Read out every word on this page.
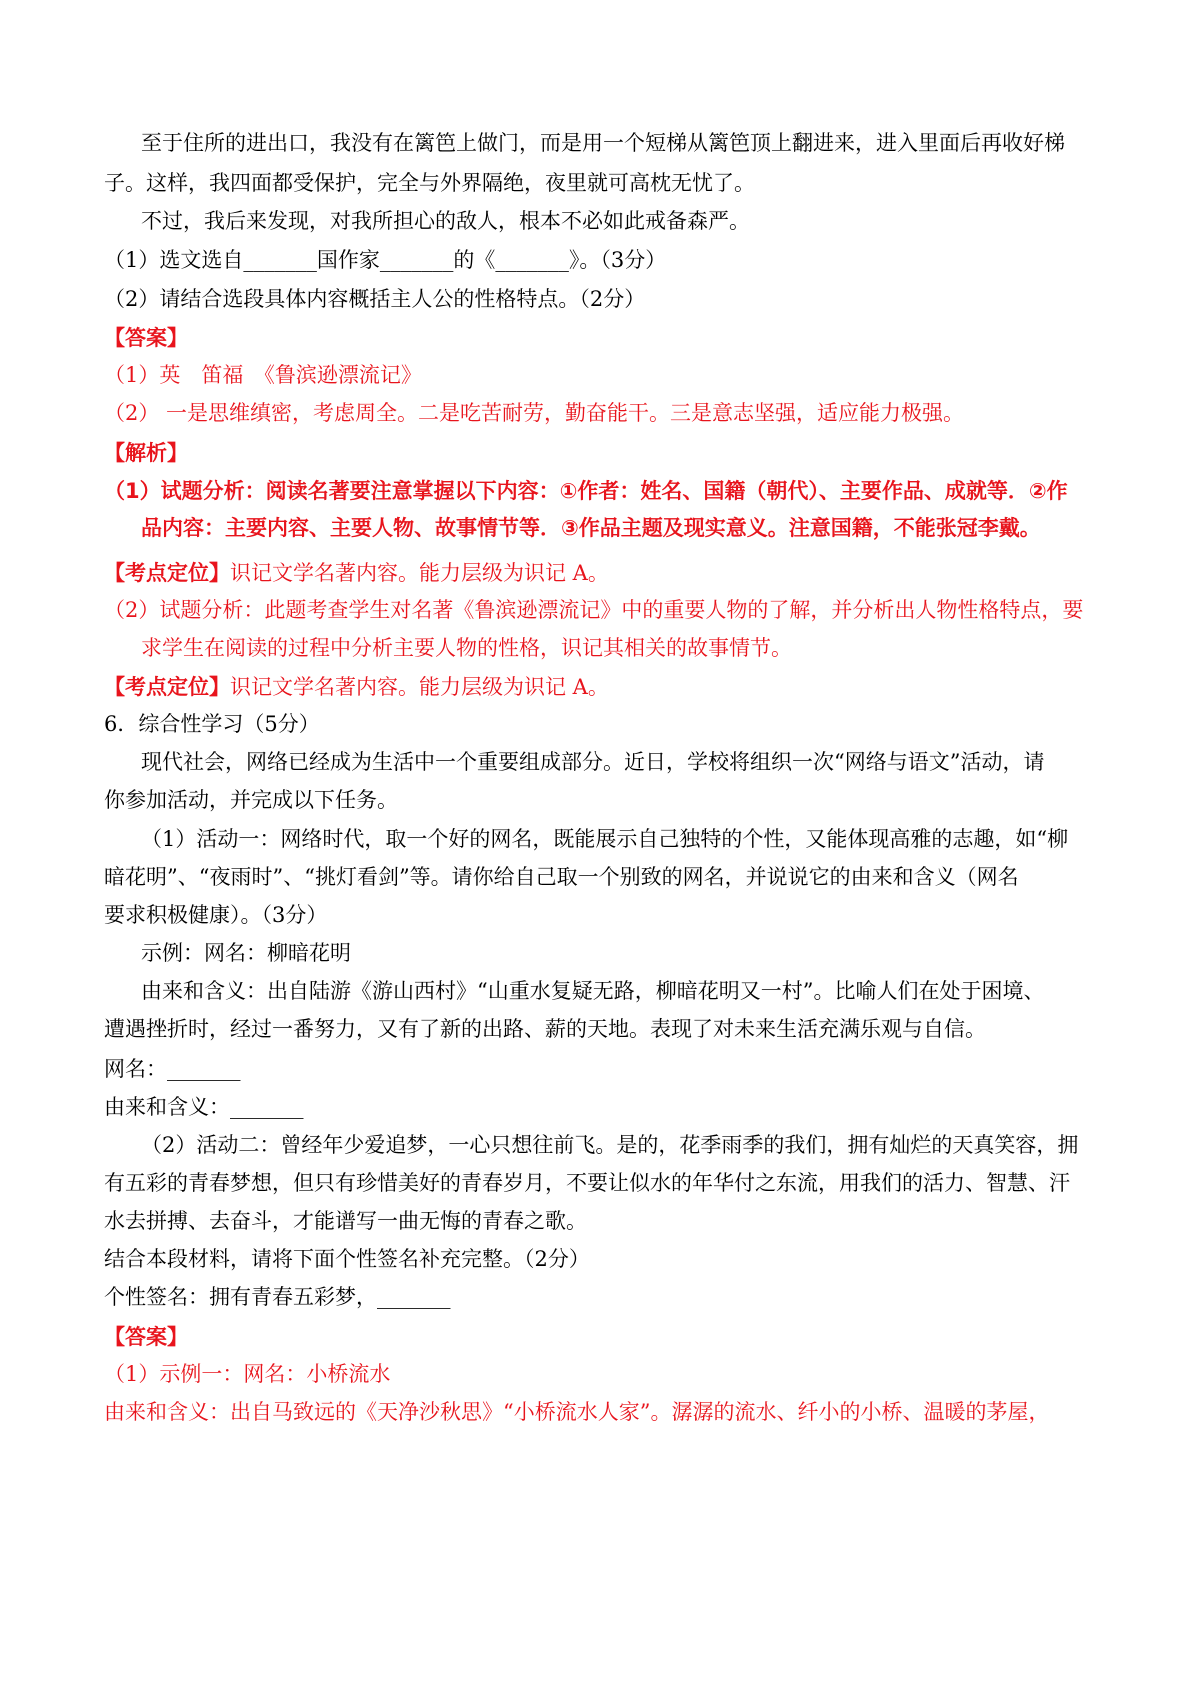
至于住所的进出口，我没有在篱笆上做门，而是用一个短梯从篱笆顶上翻进来，进入里面后再收好梯
子。这样，我四面都受保护，完全与外界隔绝，夜里就可高枕无忧了。
不过，我后来发现，对我所担心的敌人，根本不必如此戒备森严。
（1）选文选自_______国作家_______的《_______》。（3分）
（2）请结合选段具体内容概括主人公的性格特点。（2分）
【答案】
（1）英　笛福　《鲁滨逊漂流记》
（2） 一是思维缜密，考虑周全。二是吃苦耐劳，勤奋能干。三是意志坚强，适应能力极强。
【解析】
（1）试题分析：阅读名著要注意掌握以下内容：①作者：姓名、国籍（朝代）、主要作品、成就等．②作
品内容：主要内容、主要人物、故事情节等．③作品主题及现实意义。注意国籍，不能张冠李戴。
【考点定位】识记文学名著内容。能力层级为识记 A。
（2）试题分析：此题考查学生对名著《鲁滨逊漂流记》中的重要人物的了解，并分析出人物性格特点，要
求学生在阅读的过程中分析主要人物的性格，识记其相关的故事情节。
【考点定位】识记文学名著内容。能力层级为识记 A。
6．综合性学习（5分）
现代社会，网络已经成为生活中一个重要组成部分。近日，学校将组织一次“网络与语文”活动，请
你参加活动，并完成以下任务。
（1）活动一：网络时代，取一个好的网名，既能展示自己独特的个性，又能体现高雅的志趣，如“柳
暗花明”、“夜雨时”、“挑灯看剑”等。请你给自己取一个别致的网名，并说说它的由来和含义（网名
要求积极健康）。（3分）
示例：网名：柳暗花明
由来和含义：出自陆游《游山西村》“山重水复疑无路，柳暗花明又一村”。比喻人们在处于困境、
遭遇挫折时，经过一番努力，又有了新的出路、薪的天地。表现了对未来生活充满乐观与自信。
网名：_______
由来和含义：_______
（2）活动二：曾经年少爱追梦，一心只想往前飞。是的，花季雨季的我们，拥有灿烂的天真笑容，拥
有五彩的青春梦想，但只有珍惜美好的青春岁月，不要让似水的年华付之东流，用我们的活力、智慧、汗
水去拼搏、去奋斗，才能谱写一曲无悔的青春之歌。
结合本段材料，请将下面个性签名补充完整。（2分）
个性签名：拥有青春五彩梦，_______
【答案】
（1）示例一：网名：小桥流水
由来和含义：出自马致远的《天净沙秋思》“小桥流水人家”。潺潺的流水、纤小的小桥、温暖的茅屋，
